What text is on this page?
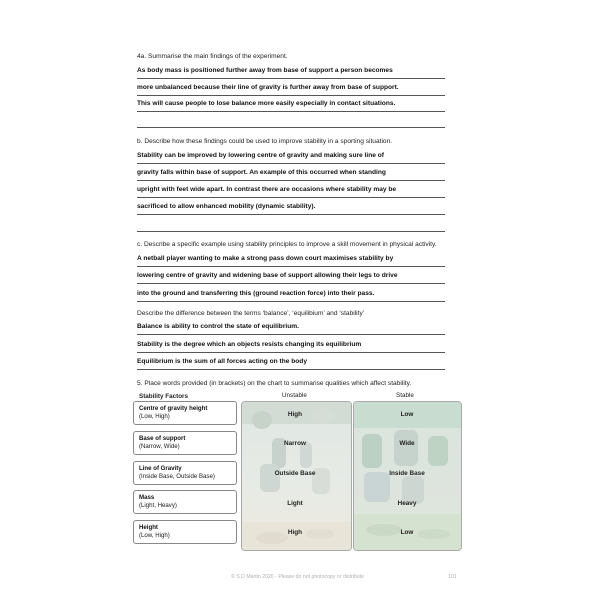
4a. Summarise the main findings of the experiment.
As body mass is positioned further away from base of support a person becomes
more unbalanced because their line of gravity is further away from base of support.
This will cause people to lose balance more easily especially in contact situations.
b. Describe how these findings could be used to improve stability in a sporting situation.
Stability can be improved by lowering centre of gravity and making sure line of
gravity falls within base of support. An example of this occurred when standing
upright with feet wide apart. In contrast there are occasions where stability may be
sacrificed to allow enhanced mobility (dynamic stability).
c. Describe a specific example using stability principles to improve a skill movement in physical activity.
A netball player wanting to make a strong pass down court maximises stability by
lowering centre of gravity and widening base of support allowing their legs to drive
into the ground and transferring this (ground reaction force) into their pass.
Describe the difference between the terms ‘balance’, ‘equilibium’ and ‘stability’
Balance is ability to control the state of equilibrium.
Stability is the degree which an objects resists changing its equilibrium
Equilibrium is the sum of all forces acting on the body
5. Place words provided (in brackets) on the chart to summarise qualities which affect stability.
Stability Factors	Unstable	Stable
Centre of gravity height
(Low, High)	High	Low
Base of support
(Narrow, Wide)	Narrow	Wide
Line of Gravity
(Inside Base, Outside Base)	Outside Base	Inside Base
Mass
(Light, Heavy)	Light	Heavy
Height
(Low, High)	High	Low
© S D Martin 2026 - Please do not photocopy or distribute	101
